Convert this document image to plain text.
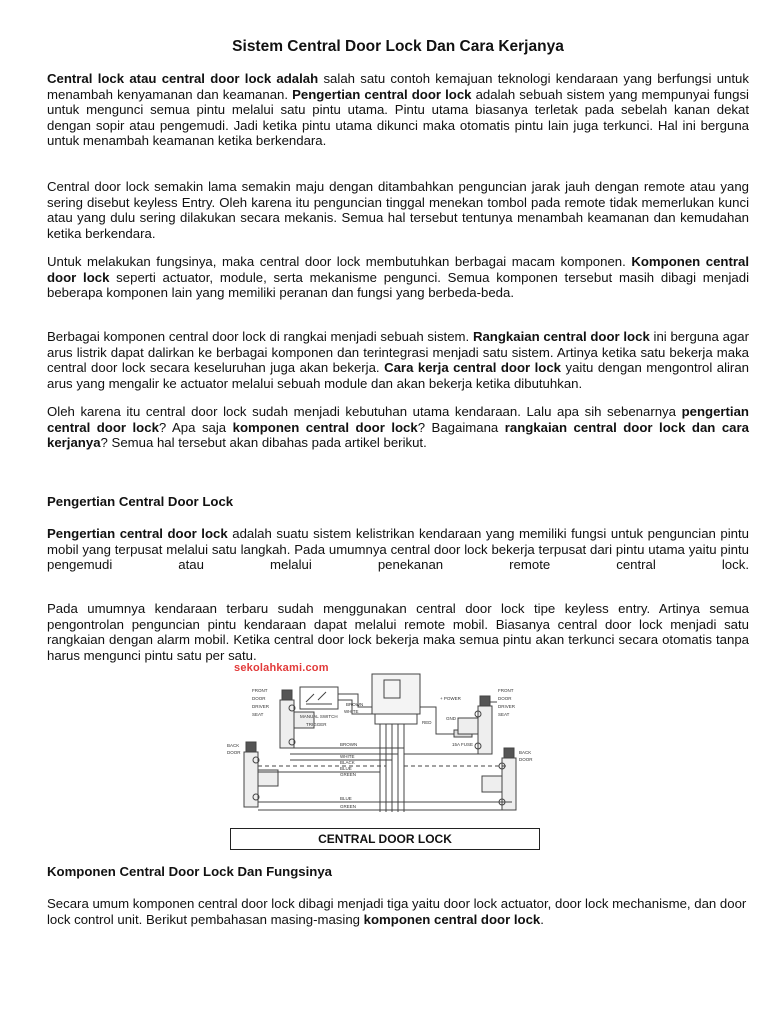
Sistem Central Door Lock Dan Cara Kerjanya

Central lock atau central door lock adalah salah satu contoh kemajuan teknologi kendaraan yang berfungsi untuk menambah kenyamanan dan keamanan. Pengertian central door lock adalah sebuah sistem yang mempunyai fungsi untuk mengunci semua pintu melalui satu pintu utama. Pintu utama biasanya terletak pada sebelah kanan dekat dengan sopir atau pengemudi. Jadi ketika pintu utama dikunci maka otomatis pintu lain juga terkunci. Hal ini berguna untuk menambah keamanan ketika berkendara.

Central door lock semakin lama semakin maju dengan ditambahkan penguncian jarak jauh dengan remote atau yang sering disebut keyless Entry. Oleh karena itu penguncian tinggal menekan tombol pada remote tidak memerlukan kunci atau yang dulu sering dilakukan secara mekanis. Semua hal tersebut tentunya menambah keamanan dan kemudahan ketika berkendara.

Untuk melakukan fungsinya, maka central door lock membutuhkan berbagai macam komponen. Komponen central door lock seperti actuator, module, serta mekanisme pengunci. Semua komponen tersebut masih dibagi menjadi beberapa komponen lain yang memiliki peranan dan fungsi yang berbeda-beda.

Berbagai komponen central door lock di rangkai menjadi sebuah sistem. Rangkaian central door lock ini berguna agar arus listrik dapat dalirkan ke berbagai komponen dan terintegrasi menjadi satu sistem. Artinya ketika satu bekerja maka central door lock secara keseluruhan juga akan bekerja. Cara kerja central door lock yaitu dengan mengontrol aliran arus yang mengalir ke actuator melalui sebuah module dan akan bekerja ketika dibutuhkan.

Oleh karena itu central door lock sudah menjadi kebutuhan utama kendaraan. Lalu apa sih sebenarnya pengertian central door lock? Apa saja komponen central door lock? Bagaimana rangkaian central door lock dan cara kerjanya? Semua hal tersebut akan dibahas pada artikel berikut.

Pengertian Central Door Lock

Pengertian central door lock adalah suatu sistem kelistrikan kendaraan yang memiliki fungsi untuk penguncian pintu mobil yang terpusat melalui satu langkah. Pada umumnya central door lock bekerja terpusat dari pintu utama yaitu pintu pengemudi atau melalui penekanan remote central lock.

Pada umumnya kendaraan terbaru sudah menggunakan central door lock tipe keyless entry. Artinya semua pengontrolan penguncian pintu kendaraan dapat melalui remote mobil. Biasanya central door lock menjadi satu rangkaian dengan alarm mobil. Ketika central door lock bekerja maka semua pintu akan terkunci secara otomatis tanpa harus mengunci pintu satu per satu.

Komponen Central Door Lock Dan Fungsinya

Secara umum komponen central door lock dibagi menjadi tiga yaitu door lock actuator, door lock mechanisme, dan door lock control unit. Berikut pembahasan masing-masing komponen central door lock.

sekolahkami.com
FRONT
DOOR
DRIVER
SEAT
BACK
DOOR
FRONT
DOOR
DRIVER
SEAT
BACK
DOOR
MANUAL SWITCH
TRIGGER
BROWN
WHITE
+ POWER
GND
RED
15A FUSE
BROWN
WHITE
BLACK
BLUE
GREEN
BLUE
GREEN
CENTRAL DOOR LOCK
